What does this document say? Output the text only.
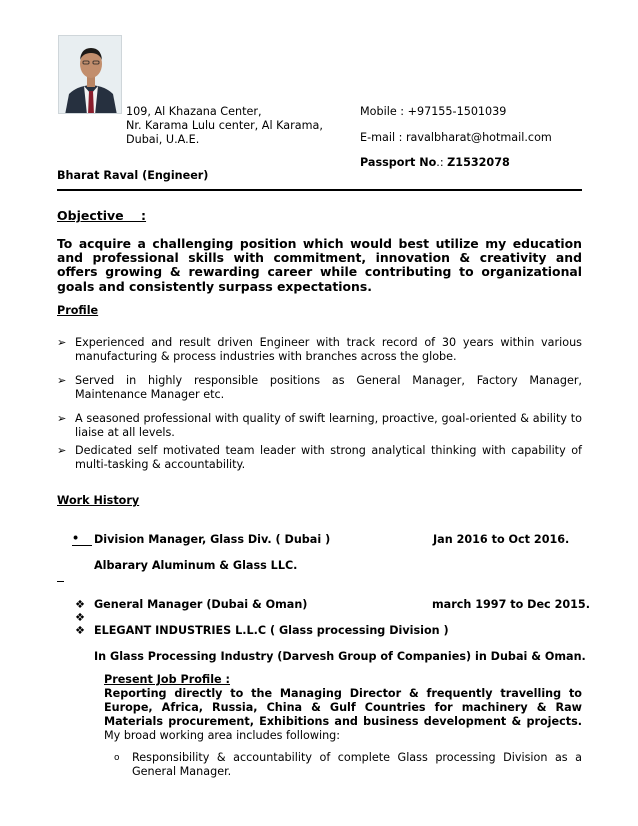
109, Al Khazana Center,
Nr. Karama Lulu center, Al Karama,
Dubai, U.A.E.
Mobile : +97155-1501039
E-mail : ravalbharat@hotmail.com
Passport No.: Z1532078
Bharat Raval (Engineer)
Objective    :
To acquire a challenging position which would best utilize my education and professional skills with commitment, innovation & creativity and offers growing & rewarding career while contributing to organizational goals and consistently surpass expectations.
Profile
➢ Experienced and result driven Engineer with track record of 30 years within various manufacturing & process industries with branches across the globe.
➢ Served in highly responsible positions as General Manager, Factory Manager, Maintenance Manager etc.
➢ A seasoned professional with quality of swift learning, proactive, goal-oriented & ability to liaise at all levels.
➢ Dedicated self motivated team leader with strong analytical thinking with capability of multi-tasking & accountability.
Work History
•	Division Manager, Glass Div. ( Dubai )	Jan 2016 to Oct 2016.
Albarary Aluminum & Glass LLC.
❖ General Manager (Dubai & Oman)	march 1997 to Dec 2015.
❖
❖ ELEGANT INDUSTRIES L.L.C ( Glass processing Division )
In Glass Processing Industry (Darvesh Group of Companies) in Dubai & Oman.
Present Job Profile :
Reporting directly to the Managing Director & frequently travelling to Europe, Africa, Russia, China & Gulf Countries for machinery & Raw Materials procurement, Exhibitions and business development & projects. My broad working area includes following:
o Responsibility & accountability of complete Glass processing Division as a General Manager.
